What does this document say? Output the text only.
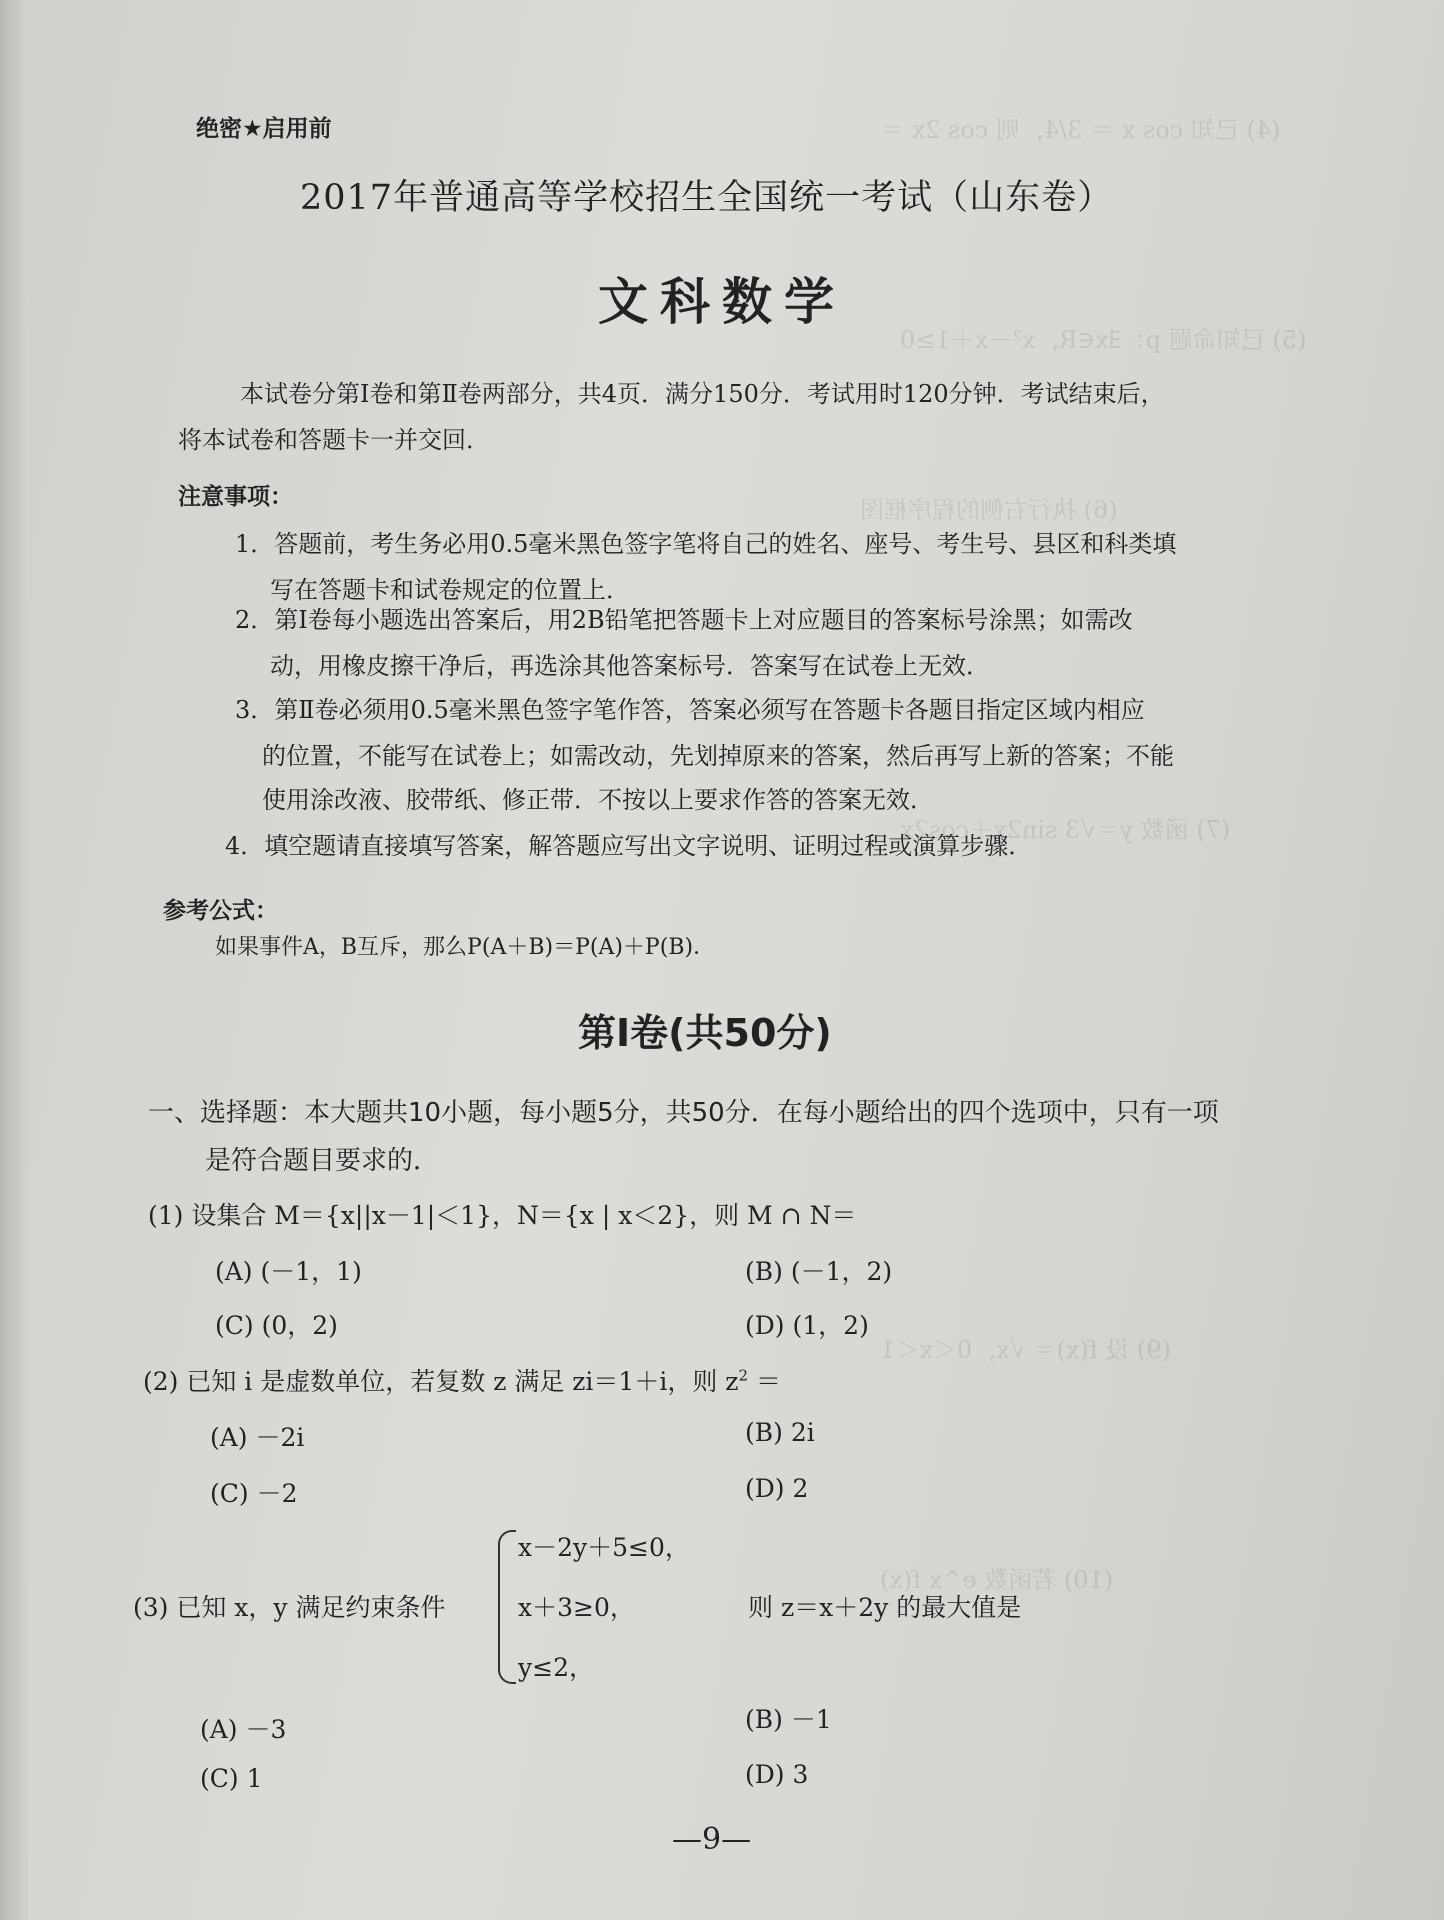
(4) 已知 cos x ＝ 3/4，则 cos 2x ＝
(5) 已知命题 p：∃x∈R，x²－x＋1≥0
(6) 执行右侧的程序框图
(7) 函数 y＝√3 sin2x＋cos2x
(9) 设 f(x)＝ √x，0＜x＜1
(10) 若函数 e^x f(x)
绝密★启用前
2017年普通高等学校招生全国统一考试（山东卷）
文科数学
本试卷分第Ⅰ卷和第Ⅱ卷两部分，共4页．满分150分．考试用时120分钟．考试结束后，
将本试卷和答题卡一并交回．
注意事项：
1．答题前，考生务必用0.5毫米黑色签字笔将自己的姓名、座号、考生号、县区和科类填
写在答题卡和试卷规定的位置上．
2．第Ⅰ卷每小题选出答案后，用2B铅笔把答题卡上对应题目的答案标号涂黑；如需改
动，用橡皮擦干净后，再选涂其他答案标号．答案写在试卷上无效．
3．第Ⅱ卷必须用0.5毫米黑色签字笔作答，答案必须写在答题卡各题目指定区域内相应
的位置，不能写在试卷上；如需改动，先划掉原来的答案，然后再写上新的答案；不能
使用涂改液、胶带纸、修正带．不按以上要求作答的答案无效．
4．填空题请直接填写答案，解答题应写出文字说明、证明过程或演算步骤．
参考公式：
如果事件A，B互斥，那么P(A＋B)＝P(A)＋P(B)．
第Ⅰ卷(共50分)
一、选择题：本大题共10小题，每小题5分，共50分．在每小题给出的四个选项中，只有一项
是符合题目要求的．
(1) 设集合 M＝{x||x－1|＜1}，N＝{x | x＜2}，则 M ∩ N＝
(A) (－1，1)	(B) (－1，2)
(C) (0，2)	(D) (1，2)
(2) 已知 i 是虚数单位，若复数 z 满足 zi＝1＋i，则 $z^2$ ＝
(A) －2i	(B) 2i
(C) －2	(D) 2
(3) 已知 x，y 满足约束条件
x－2y＋5≤0，
x＋3≥0，
y≤2，
则 z＝x＋2y 的最大值是
(A) －3	(B) －1
(C) 1	(D) 3
—9—
